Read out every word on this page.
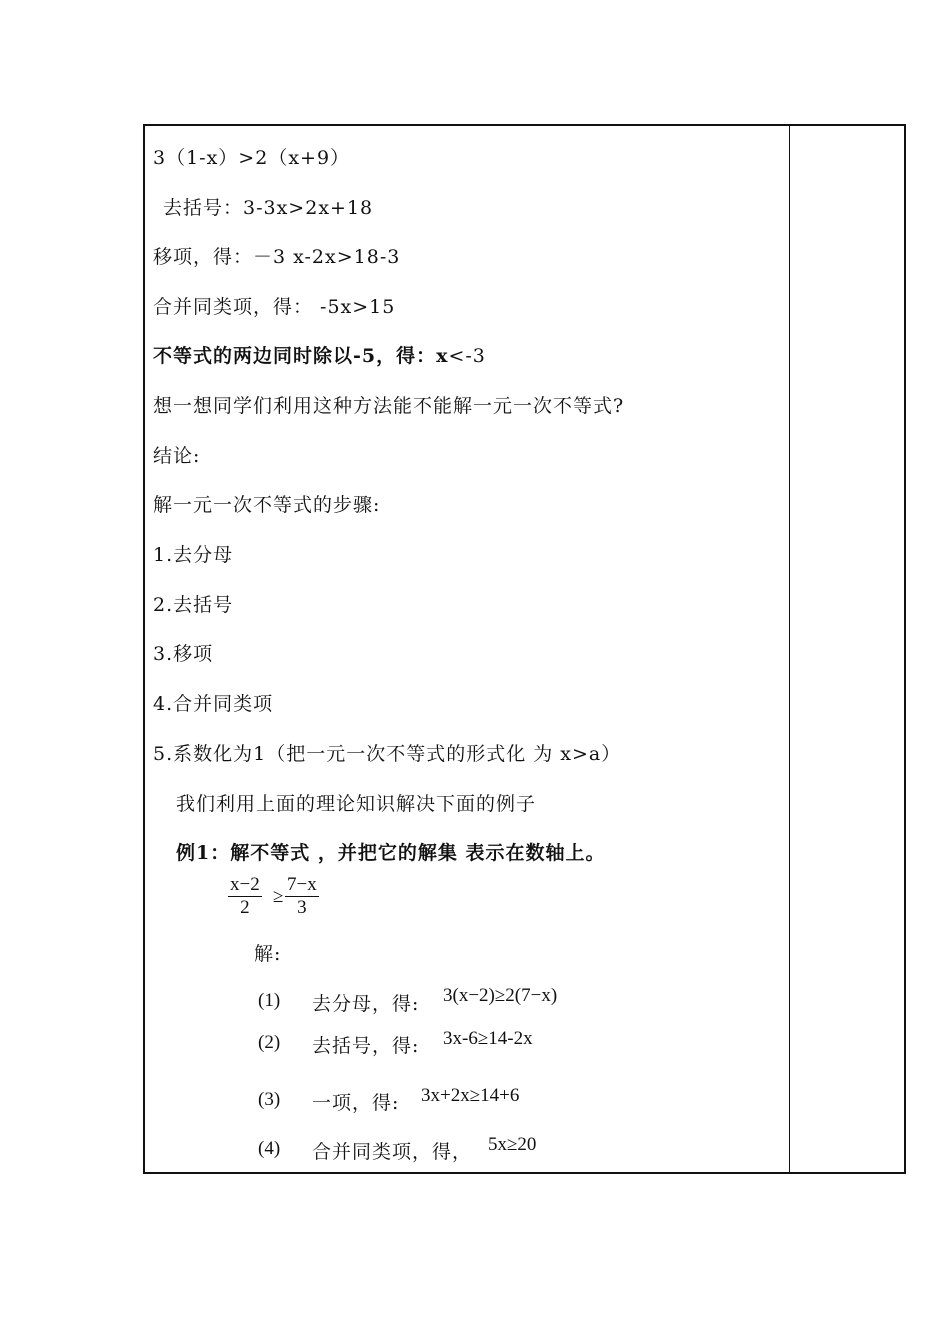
3（1-x）>2（x+9）
去括号：3-3x>2x+18
移项，得：－3 x-2x>18-3
合并同类项，得： -5x>15
不等式的两边同时除以-5，得：x<-3
想一想同学们利用这种方法能不能解一元一次不等式?
结论:
解一元一次不等式的步骤:
1.去分母
2.去括号
3.移项
4.合并同类项
5.系数化为1（把一元一次不等式的形式化 为 x>a）
我们利用上面的理论知识解决下面的例子
例1：解不等式 ，并把它的解集 表示在数轴上。
$\frac{x-2}{2} \ge \frac{7-x}{3}$
解:
(1) 去分母，得: 3(x−2)≥2(7−x)
(2) 去括号，得: 3x-6≥14-2x
(3) 一项，得: 3x+2x≥14+6
(4) 合并同类项，得， 5x≥20
